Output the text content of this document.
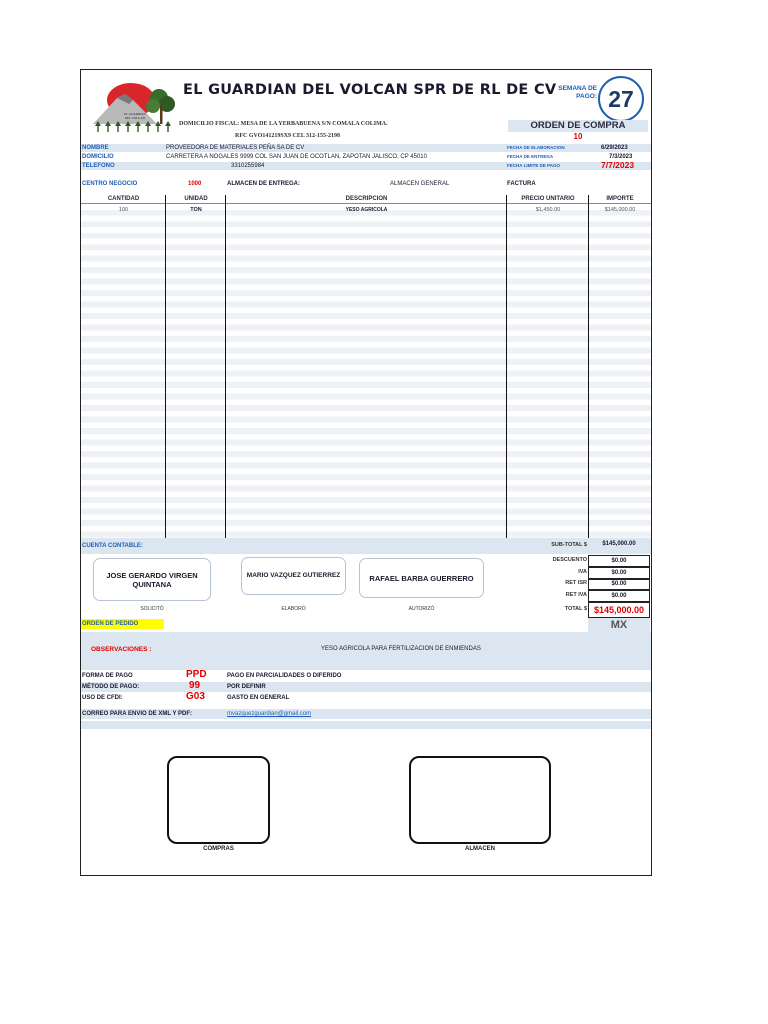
EL GUARDIAN
DEL VOLCAN
EL GUARDIAN DEL VOLCAN SPR DE RL DE CV
DOMICILIO FISCAL: MESA DE LA YERBABUENA S/N COMALA COLIMA.
RFC GVO141219SX9 CEL 312-155-2198
SEMANA DE
PAGO: 27
ORDEN DE COMPRA
10
NOMBRE	PROVEEDORA DE MATERIALES PEÑA SA DE CV	FECHA DE ELABORACION	6/29/2023
DOMICILIO	CARRETERA A NOGALES 9999 COL SAN JUAN DE OCOTLAN, ZAPOTAN JALISCO, CP 45010	FECHA DE ENTREGA	7/3/2023
TELEFONO	3310255984	FECHA LIMITE DE PAGO	7/7/2023
CENTRO NEGOCIO	1000	ALMACEN DE ENTREGA:	ALMACEN GENERAL	FACTURA
CANTIDAD	UNIDAD	DESCRIPCION	PRECIO UNITARIO	IMPORTE
100	TON	YESO AGRICOLA	$1,450.00	$145,000.00
CUENTA CONTABLE:	SUB-TOTAL $	$145,000.00
DESCUENTO	$0.00
IVA	$0.00
RET ISR	$0.00
RET IVA	$0.00
TOTAL $ $145,000.00
MX
JOSE GERARDO VIRGEN QUINTANA
MARIO VAZQUEZ GUTIERREZ	RAFAEL BARBA GUERRERO
SOLICITÓ	ELABORÓ	AUTORIZÓ
ORDEN DE PEDIDO
OBSERVACIONES :	YESO AGRICOLA PARA FERTILIZACION DE ENMIENDAS
FORMA DE PAGO	PPD	PAGO EN PARCIALIDADES O DIFERIDO
MÉTODO DE PAGO:	99	POR DEFINIR
USO DE CFDI:	G03	GASTO EN GENERAL
CORREO PARA ENVIO DE XML Y PDF:	mvazquezguardian@gmail.com
COMPRAS	ALMACEN
